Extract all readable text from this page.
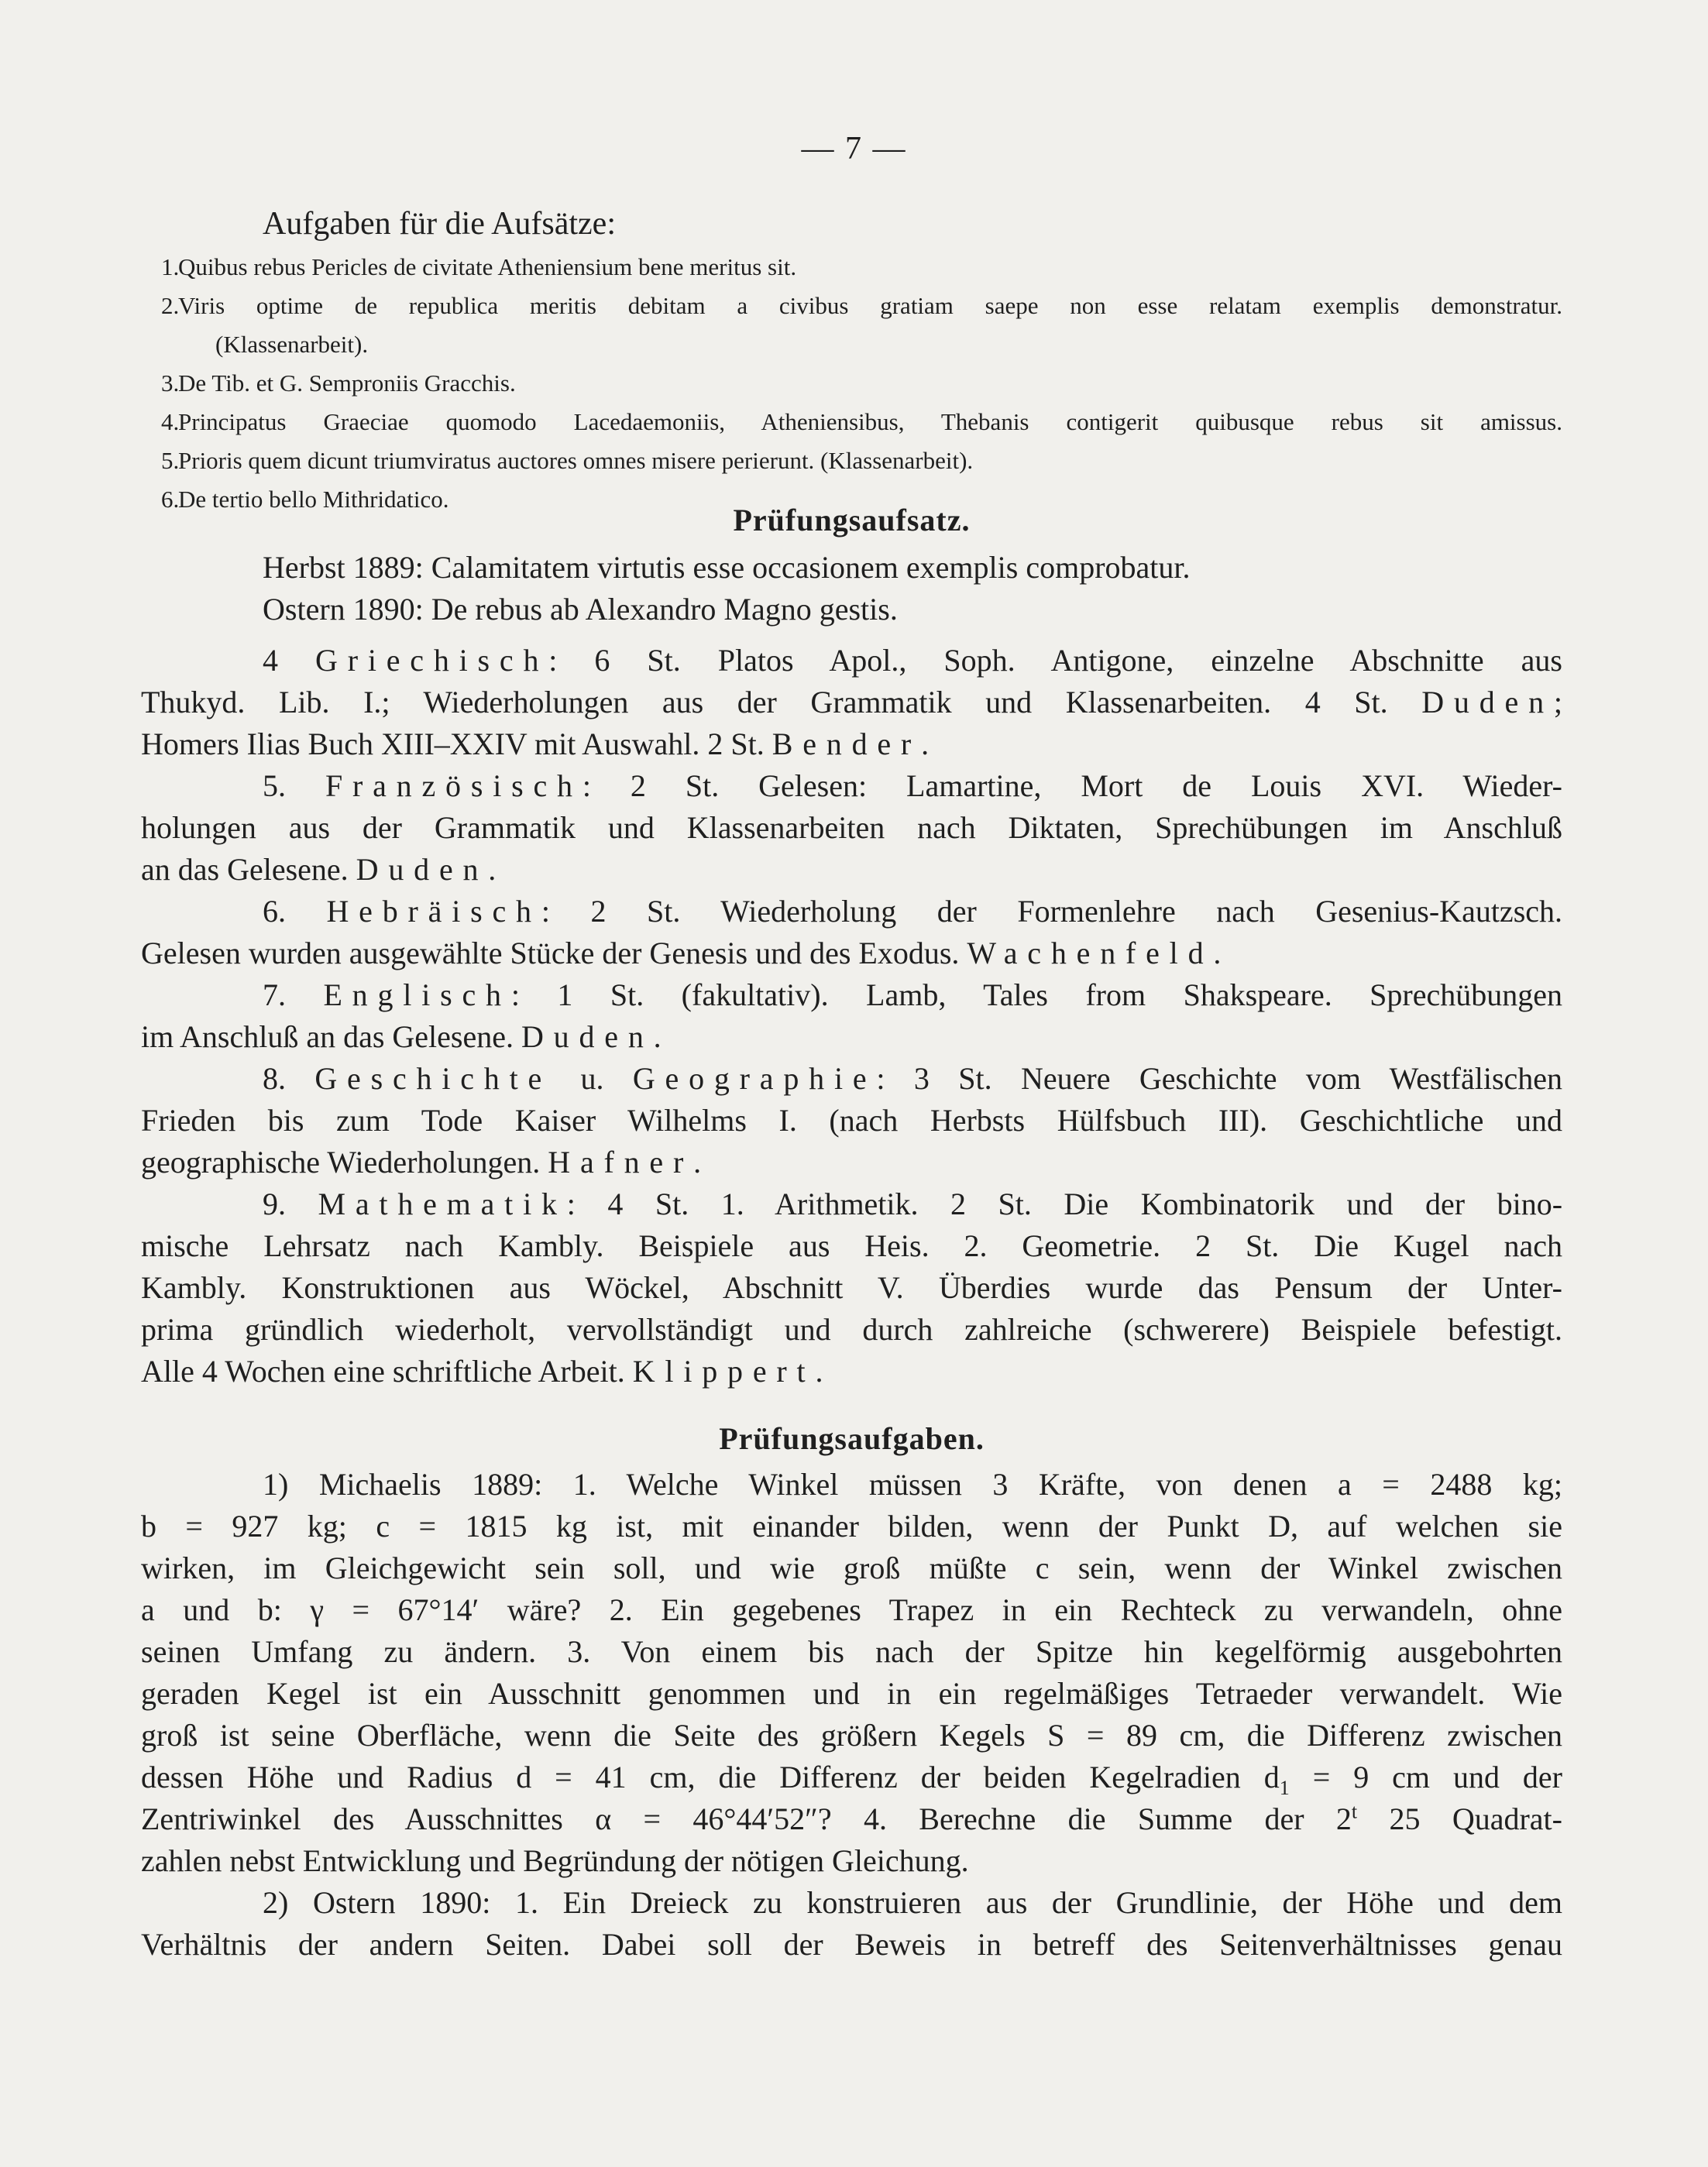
— 7 —
Aufgaben für die Aufsätze:
1.
Quibus rebus Pericles de civitate Atheniensium bene meritus sit.
2.
Viris optime de republica meritis debitam a civibus gratiam saepe non esse relatam exemplis demonstratur.
(Klassenarbeit).
3.
De Tib. et G. Semproniis Gracchis.
4.
Principatus Graeciae quomodo Lacedaemoniis, Atheniensibus, Thebanis contigerit quibusque rebus sit amissus.
5.
Prioris quem dicunt triumviratus auctores omnes misere perierunt. (Klassenarbeit).
6.
De tertio bello Mithridatico.
Prüfungsaufsatz.
Herbst 1889: Calamitatem virtutis esse occasionem exemplis comprobatur.
Ostern 1890: De rebus ab Alexandro Magno gestis.
4 Griechisch: 6 St. Platos Apol., Soph. Antigone, einzelne Abschnitte aus
Thukyd. Lib. I.; Wiederholungen aus der Grammatik und Klassenarbeiten. 4 St. Duden;
Homers Ilias Buch XIII–XXIV mit Auswahl. 2 St. Bender.
5. Französisch: 2 St. Gelesen: Lamartine, Mort de Louis XVI. Wieder-
holungen aus der Grammatik und Klassenarbeiten nach Diktaten, Sprechübungen im Anschluß
an das Gelesene. Duden.
6. Hebräisch: 2 St. Wiederholung der Formenlehre nach Gesenius-Kautzsch.
Gelesen wurden ausgewählte Stücke der Genesis und des Exodus. Wachenfeld.
7. Englisch: 1 St. (fakultativ). Lamb, Tales from Shakspeare. Sprechübungen
im Anschluß an das Gelesene. Duden.
8. Geschichte u. Geographie: 3 St. Neuere Geschichte vom Westfälischen
Frieden bis zum Tode Kaiser Wilhelms I. (nach Herbsts Hülfsbuch III). Geschichtliche und
geographische Wiederholungen. Hafner.
9. Mathematik: 4 St. 1. Arithmetik. 2 St. Die Kombinatorik und der bino-
mische Lehrsatz nach Kambly. Beispiele aus Heis. 2. Geometrie. 2 St. Die Kugel nach
Kambly. Konstruktionen aus Wöckel, Abschnitt V. Überdies wurde das Pensum der Unter-
prima gründlich wiederholt, vervollständigt und durch zahlreiche (schwerere) Beispiele befestigt.
Alle 4 Wochen eine schriftliche Arbeit. Klippert.
Prüfungsaufgaben.
1) Michaelis 1889: 1. Welche Winkel müssen 3 Kräfte, von denen a = 2488 kg;
b = 927 kg; c = 1815 kg ist, mit einander bilden, wenn der Punkt D, auf welchen sie
wirken, im Gleichgewicht sein soll, und wie groß müßte c sein, wenn der Winkel zwischen
a und b: γ = 67°14′ wäre? 2. Ein gegebenes Trapez in ein Rechteck zu verwandeln, ohne
seinen Umfang zu ändern. 3. Von einem bis nach der Spitze hin kegelförmig ausgebohrten
geraden Kegel ist ein Ausschnitt genommen und in ein regelmäßiges Tetraeder verwandelt. Wie
groß ist seine Oberfläche, wenn die Seite des größern Kegels S = 89 cm, die Differenz zwischen
dessen Höhe und Radius d = 41 cm, die Differenz der beiden Kegelradien $d_1 = 9$ cm und der
Zentriwinkel des Ausschnittes α = 46°44′52″? 4. Berechne die Summe der 2$^t$ 25 Quadrat-
zahlen nebst Entwicklung und Begründung der nötigen Gleichung.
2) Ostern 1890: 1. Ein Dreieck zu konstruieren aus der Grundlinie, der Höhe und dem
Verhältnis der andern Seiten. Dabei soll der Beweis in betreff des Seitenverhältnisses genau
